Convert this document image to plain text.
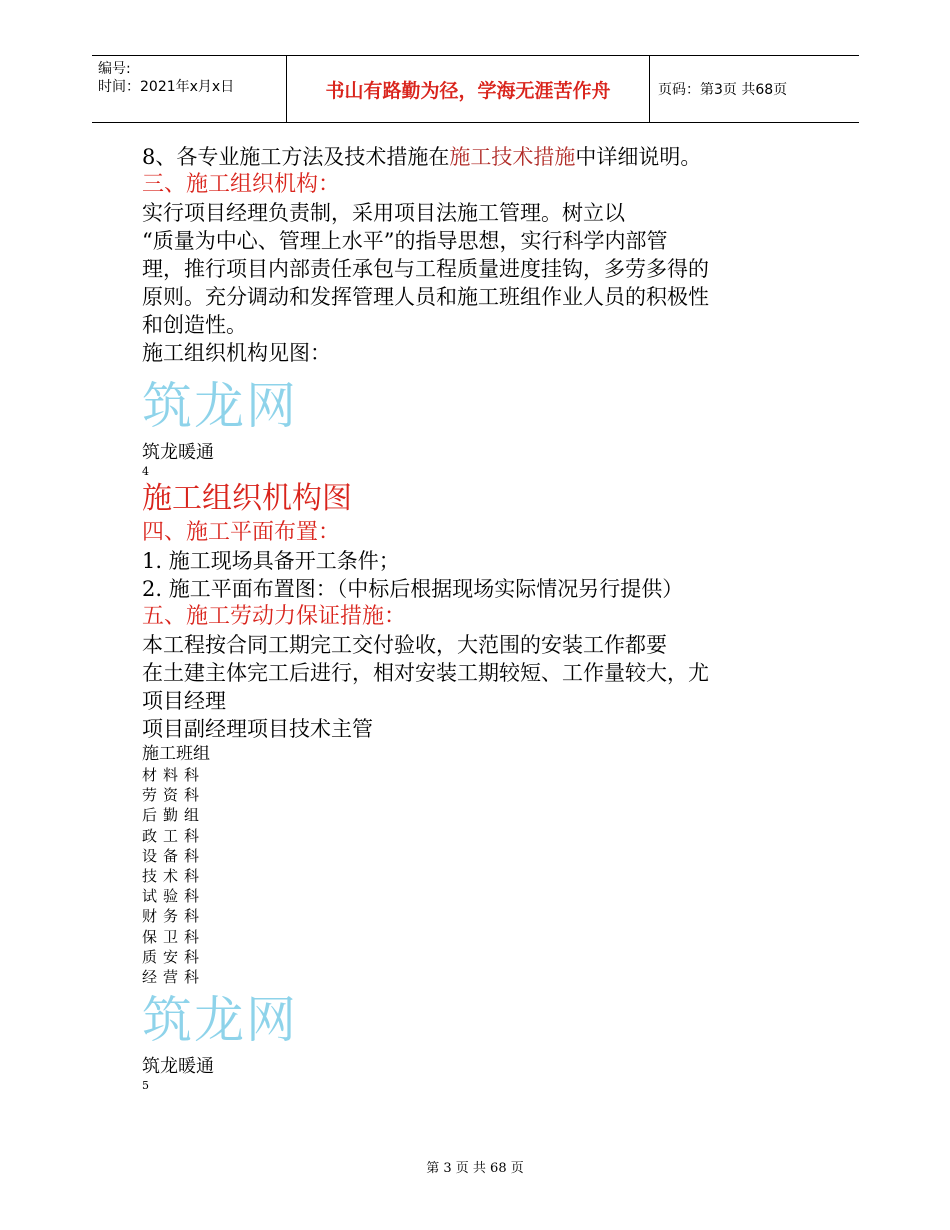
编号:
时间：2021年x月x日	书山有路勤为径，学海无涯苦作舟	页码：第3页 共68页
8、各专业施工方法及技术措施在施工技术措施中详细说明。
三、施工组织机构：
实行项目经理负责制，采用项目法施工管理。树立以
“质量为中心、管理上水平”的指导思想，实行科学内部管
理，推行项目内部责任承包与工程质量进度挂钩，多劳多得的
原则。充分调动和发挥管理人员和施工班组作业人员的积极性
和创造性。
施工组织机构见图：
筑龙网
筑龙暖通
4
施工组织机构图
四、施工平面布置：
1. 施工现场具备开工条件；
2. 施工平面布置图：（中标后根据现场实际情况另行提供）
五、施工劳动力保证措施：
本工程按合同工期完工交付验收，大范围的安装工作都要
在土建主体完工后进行，相对安装工期较短、工作量较大，尤
项目经理
项目副经理项目技术主管
施工班组
材料科
劳资科
后勤组
政工科
设备科
技术科
试验科
财务科
保卫科
质安科
经营科
筑龙网
筑龙暖通
5
第 3 页 共 68 页
